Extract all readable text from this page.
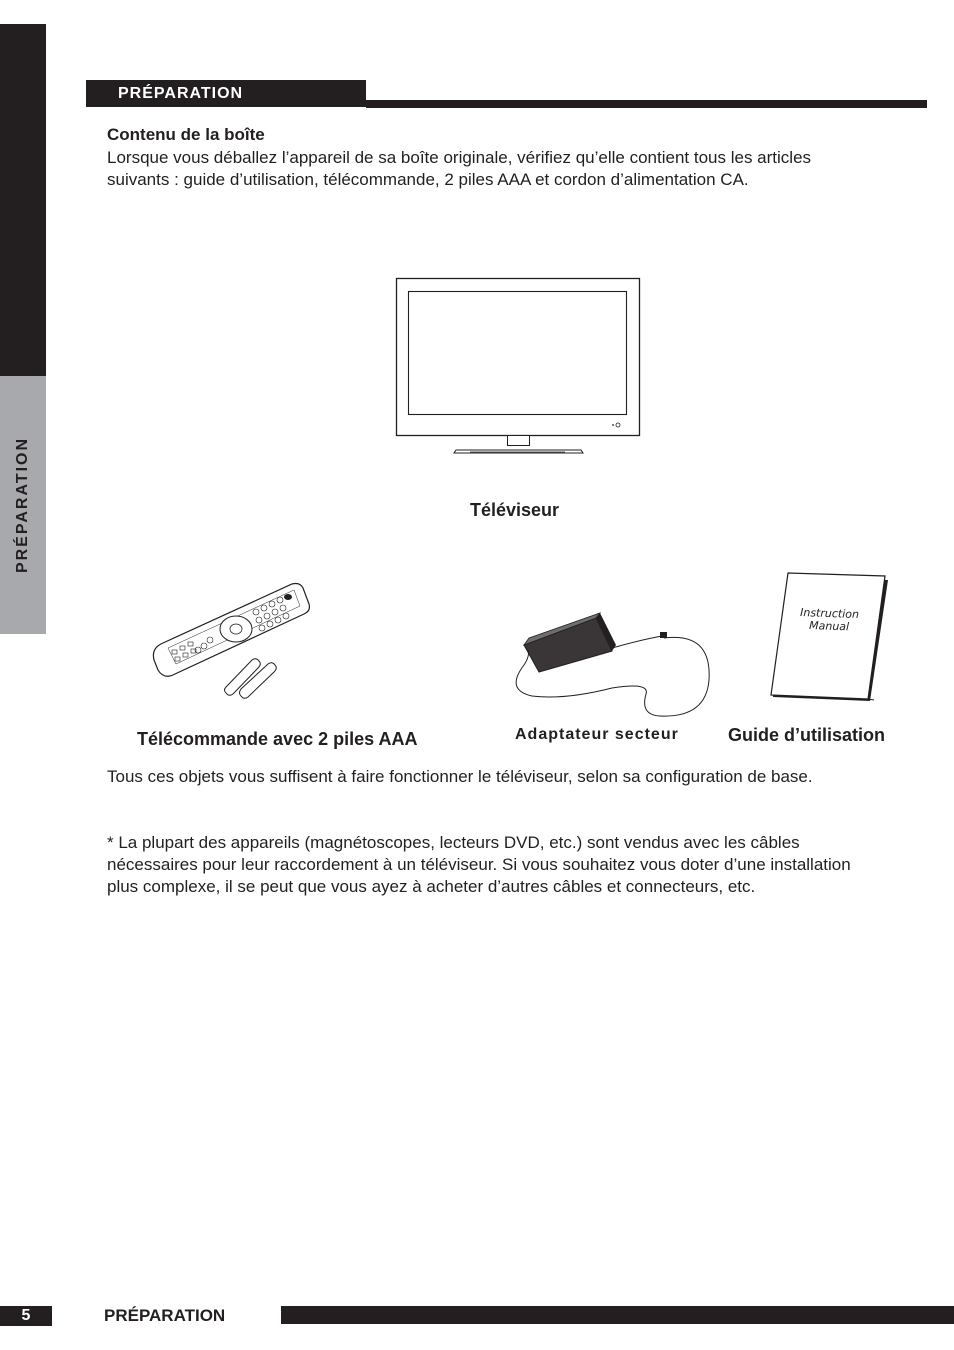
PRÉPARATION
PRÉPARATION
Contenu de la boîte
Lorsque vous déballez l’appareil de sa boîte originale, vérifiez qu’elle contient tous les articles suivants : guide d’utilisation, télécommande, 2 piles AAA et cordon d’alimentation CA.
Téléviseur
Télécommande avec 2 piles AAA	Adaptateur secteur
Instruction
Manual
Guide d’utilisation
Tous ces objets vous suffisent à faire fonctionner le téléviseur, selon sa configuration de base.
* La plupart des appareils (magnétoscopes, lecteurs DVD, etc.) sont vendus avec les câbles nécessaires pour leur raccordement à un téléviseur. Si vous souhaitez vous doter d’une installation plus complexe, il se peut que vous ayez à acheter d’autres câbles et connecteurs, etc.
5	PRÉPARATION
